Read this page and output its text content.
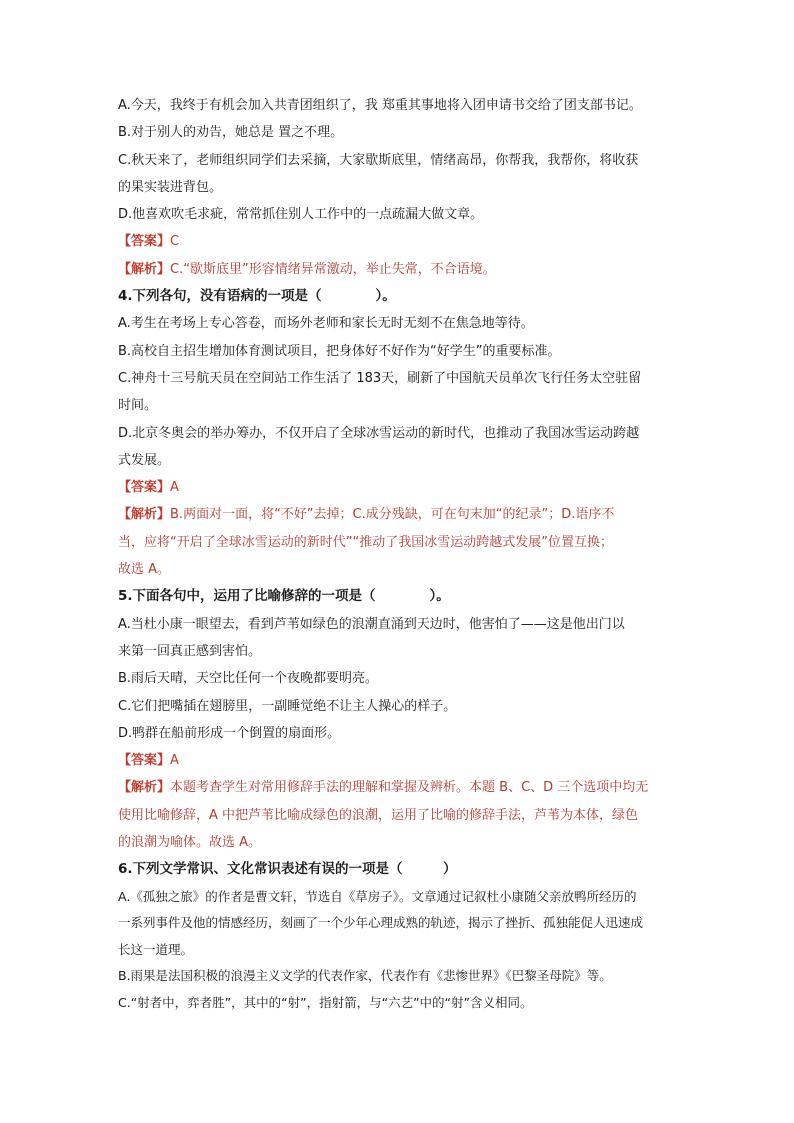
A.今天，我终于有机会加入共青团组织了，我 郑重其事地将入团申请书交给了团支部书记。
B.对于别人的劝告，她总是 置之不理。
C.秋天来了，老师组织同学们去采摘，大家歇斯底里，情绪高昂，你帮我，我帮你，将收获
的果实装进背包。
D.他喜欢吹毛求疵，常常抓住别人工作中的一点疏漏大做文章。
【答案】C
【解析】C.“歇斯底里”形容情绪异常激动，举止失常，不合语境。
4.下列各句，没有语病的一项是（　　　　）。
A.考生在考场上专心答卷，而场外老师和家长无时无刻不在焦急地等待。
B.高校自主招生增加体育测试项目，把身体好不好作为“好学生”的重要标准。
C.神舟十三号航天员在空间站工作生活了 183天，刷新了中国航天员单次飞行任务太空驻留
时间。
D.北京冬奥会的举办筹办，不仅开启了全球冰雪运动的新时代，也推动了我国冰雪运动跨越
式发展。
【答案】A
【解析】B.两面对一面，将“不好”去掉；C.成分残缺，可在句末加“的纪录”；D.语序不
当，应将“开启了全球冰雪运动的新时代”“推动了我国冰雪运动跨越式发展”位置互换；
故选 A。
5.下面各句中，运用了比喻修辞的一项是（　　　　）。
A.当杜小康一眼望去，看到芦苇如绿色的浪潮直涌到天边时，他害怕了——这是他出门以
来第一回真正感到害怕。
B.雨后天晴，天空比任何一个夜晚都要明亮。
C.它们把嘴插在翅膀里，一副睡觉绝不让主人操心的样子。
D.鸭群在船前形成一个倒置的扇面形。
【答案】A
【解析】本题考查学生对常用修辞手法的理解和掌握及辨析。本题 B、C、D 三个选项中均无
使用比喻修辞，A 中把芦苇比喻成绿色的浪潮，运用了比喻的修辞手法，芦苇为本体，绿色
的浪潮为喻体。故选 A。
6.下列文学常识、文化常识表述有误的一项是（　　　）
A.《孤独之旅》的作者是曹文轩，节选自《草房子》。文章通过记叙杜小康随父亲放鸭所经历的
一系列事件及他的情感经历，刻画了一个少年心理成熟的轨迹，揭示了挫折、孤独能促人迅速成
长这一道理。
B.雨果是法国积极的浪漫主义文学的代表作家，代表作有《悲惨世界》《巴黎圣母院》等。
C.“射者中，弈者胜”，其中的“射”，指射箭，与“六艺”中的“射”含义相同。
